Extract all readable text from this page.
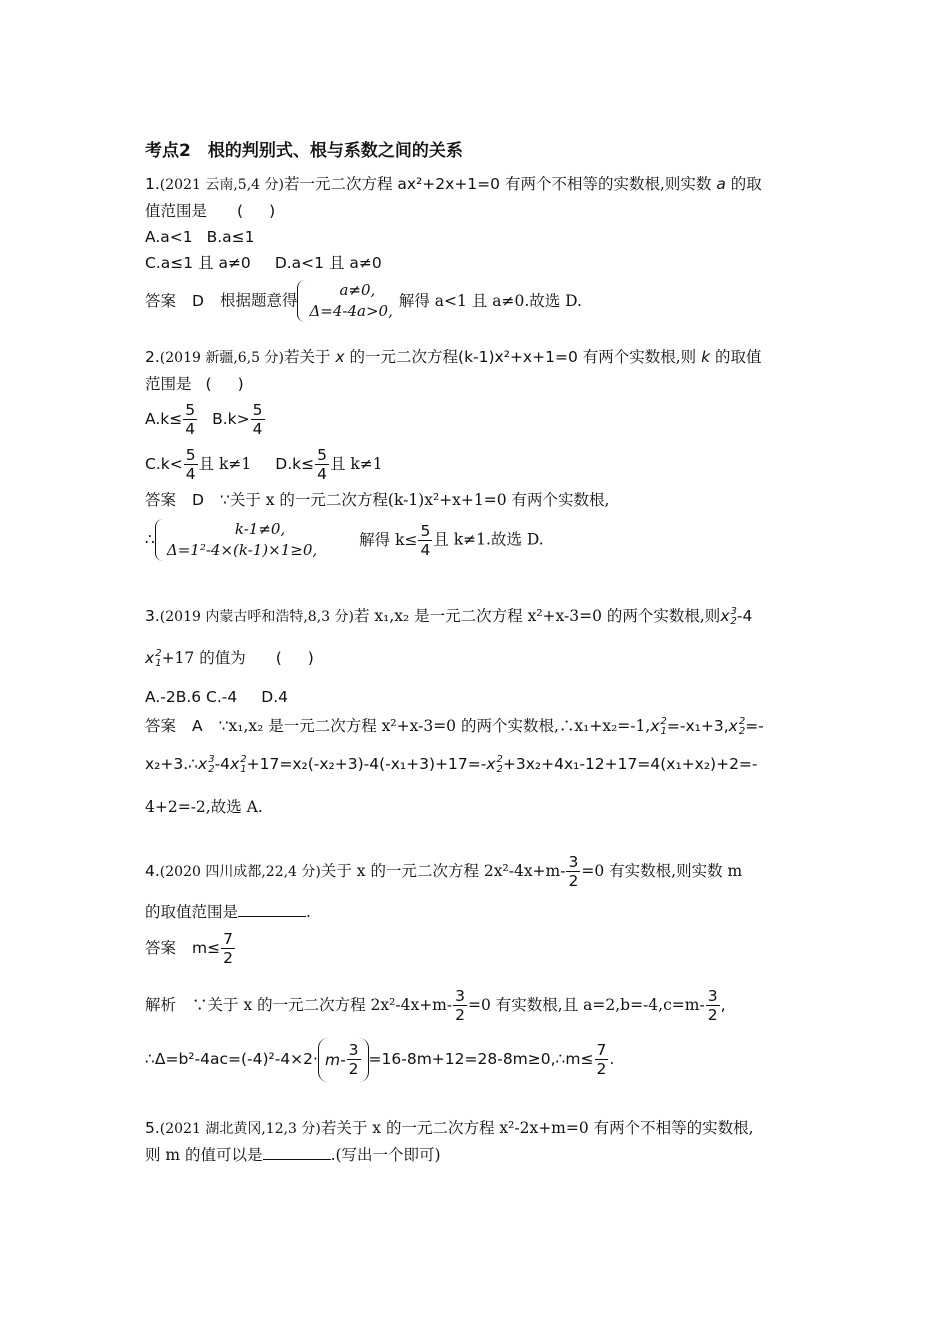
考点2　根的判别式、根与系数之间的关系
1.(2021 云南,5,4 分)若一元二次方程 ax²+2x+1=0 有两个不相等的实数根,则实数 a 的取
值范围是 ( )
A.a<1 B.a≤1
C.a≤1 且 a≠0 D.a<1 且 a≠0
答案 D 根据题意得
a≠0,
Δ=4-4a>0,
解得 a<1 且 a≠0.故选 D.
2.(2019 新疆,6,5 分)若关于 x 的一元二次方程(k-1)x²+x+1=0 有两个实数根,则 k 的取值
范围是 ( )
$A.k\le \frac{5}{4} B.k> \frac{5}{4}$
$C.k< \frac{5}{4}$ 且 k≠1 $D.k\le \frac{5}{4}$ 且 k≠1
答案 D ∵关于 x 的一元二次方程(k-1)x²+x+1=0 有两个实数根,
∴
k-1≠0,
Δ=1²-4×(k-1)×1≥0,
解得 $k\le \frac{5}{4}$ 且 k≠1.故选 D.
3.(2019 内蒙古呼和浩特,8,3 分)若 x₁,x₂ 是一元二次方程 x²+x-3=0 的两个实数根,则x 3
2 -4
x 2
1 +17 的值为 ( )
A.-2B.6 C.-4 D.4
答案 A ∵x₁,x₂ 是一元二次方程 x²+x-3=0 的两个实数根,∴x₁+x₂=-1,x 2
1 =-x₁+3,x 2
2 =-
x₂+3.∴x 3
2 -4x 2
1 +17=x₂(-x₂+3)-4(-x₁+3)+17=-x 2
2 +3x₂+4x₁-12+17=4(x₁+x₂)+2=-
4+2=-2,故选 A.
4.(2020 四川成都,22,4 分)关于 x 的一元二次方程 $2x^2-4x+m- \frac{3}{2} =0$ 有实数根,则实数 m
的取值范围是	.
答案 $m\le \frac{7}{2}$
解析 ∵关于 x 的一元二次方程 $2x^2-4x+m- \frac{3}{2} =0$ 有实数根,且 $a=2,b=-4,c=m- \frac{3}{2}$ ,
∴Δ=b²-4ac=(-4)²-4×2· $m- \frac{3}{2}$ =16-8m+12=28-8m≥0,∴m≤ $\frac{7}{2}$ .
5.(2021 湖北黄冈,12,3 分)若关于 x 的一元二次方程 x²-2x+m=0 有两个不相等的实数根,
则 m 的值可以是	.(写出一个即可)
